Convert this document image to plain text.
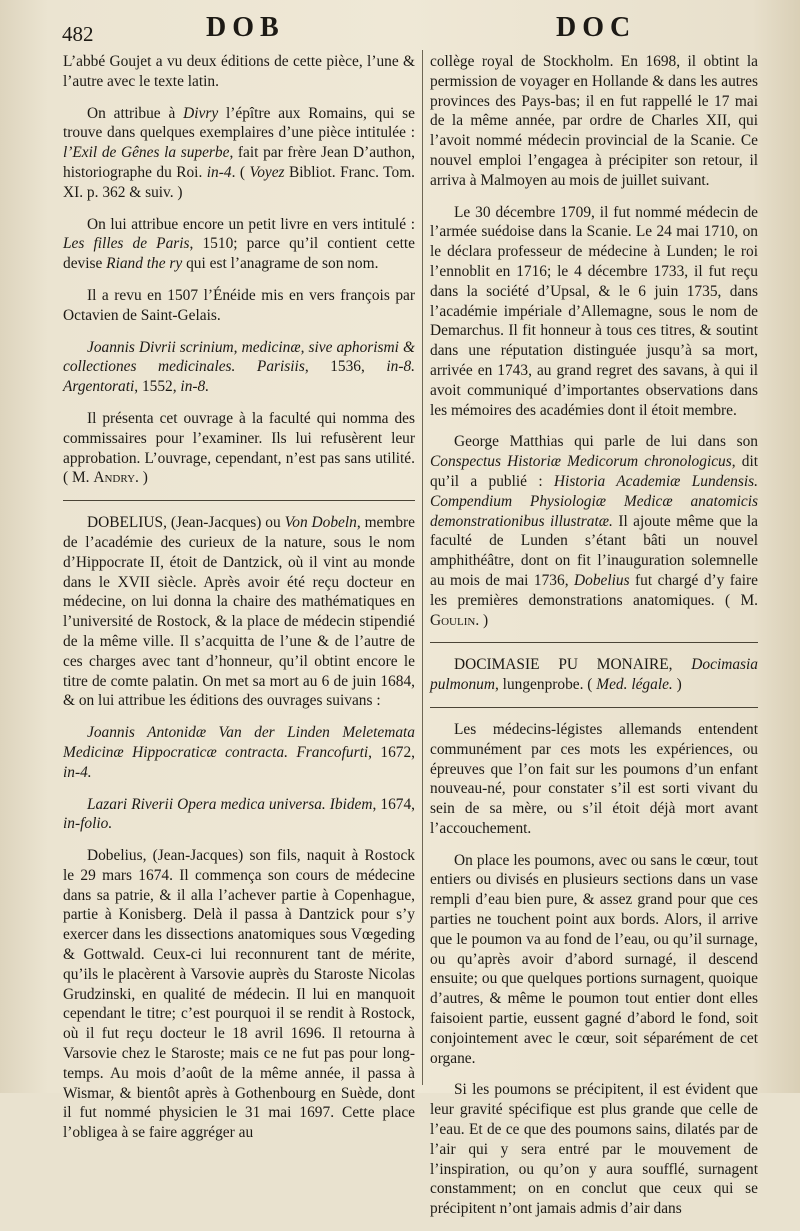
482	DOB	DOC

L’abbé Goujet a vu deux éditions de cette pièce, l’une & l’autre avec le texte latin.

On attribue à Divry l’épître aux Romains, qui se trouve dans quelques exemplaires d’une pièce intitulée : l’Exil de Gênes la superbe, fait par frère Jean D’authon, historiographe du Roi. in-4. ( Voyez Bibliot. Franc. Tom. XI. p. 362 & suiv. )

On lui attribue encore un petit livre en vers intitulé : Les filles de Paris, 1510; parce qu’il contient cette devise Riand the ry qui est l’anagrame de son nom.

Il a revu en 1507 l’Énéide mis en vers françois par Octavien de Saint-Gelais.

Joannis Divrii scrinium, medicinæ, sive aphorismi & collectiones medicinales. Parisiis, 1536, in-8. Argentorati, 1552, in-8.

Il présenta cet ouvrage à la faculté qui nomma des commissaires pour l’examiner. Ils lui refusèrent leur approbation. L’ouvrage, cependant, n’est pas sans utilité. ( M. Andry. )

DOBELIUS, (Jean-Jacques) ou Von Dobeln, membre de l’académie des curieux de la nature, sous le nom d’Hippocrate II, étoit de Dantzick, où il vint au monde dans le XVII siècle. Après avoir été reçu docteur en médecine, on lui donna la chaire des mathématiques en l’université de Rostock, & la place de médecin stipendié de la même ville. Il s’acquitta de l’une & de l’autre de ces charges avec tant d’honneur, qu’il obtint encore le titre de comte palatin. On met sa mort au 6 de juin 1684, & on lui attribue les éditions des ouvrages suivans :

Joannis Antonidæ Van der Linden Meletemata Medicinæ Hippocraticæ contracta. Francofurti, 1672, in-4.

Lazari Riverii Opera medica universa. Ibidem, 1674, in-folio.

Dobelius, (Jean-Jacques) son fils, naquit à Rostock le 29 mars 1674. Il commença son cours de médecine dans sa patrie, & il alla l’achever partie à Copenhague, partie à Konisberg. Delà il passa à Dantzick pour s’y exercer dans les dissections anatomiques sous Vœgeding & Gottwald. Ceux-ci lui reconnurent tant de mérite, qu’ils le placèrent à Varsovie auprès du Staroste Nicolas Grudzinski, en qualité de médecin. Il lui en manquoit cependant le titre; c’est pourquoi il se rendit à Rostock, où il fut reçu docteur le 18 avril 1696. Il retourna à Varsovie chez le Staroste; mais ce ne fut pas pour long-temps. Au mois d’août de la même année, il passa à Wismar, & bientôt après à Gothenbourg en Suède, dont il fut nommé physicien le 31 mai 1697. Cette place l’obligea à se faire aggréger au

collège royal de Stockholm. En 1698, il obtint la permission de voyager en Hollande & dans les autres provinces des Pays-bas; il en fut rappellé le 17 mai de la même année, par ordre de Charles XII, qui l’avoit nommé médecin provincial de la Scanie. Ce nouvel emploi l’engagea à précipiter son retour, il arriva à Malmoyen au mois de juillet suivant.

Le 30 décembre 1709, il fut nommé médecin de l’armée suédoise dans la Scanie. Le 24 mai 1710, on le déclara professeur de médecine à Lunden; le roi l’ennoblit en 1716; le 4 décembre 1733, il fut reçu dans la société d’Upsal, & le 6 juin 1735, dans l’académie impériale d’Allemagne, sous le nom de Demarchus. Il fit honneur à tous ces titres, & soutint dans une réputation distinguée jusqu’à sa mort, arrivée en 1743, au grand regret des savans, à qui il avoit communiqué d’importantes observations dans les mémoires des académies dont il étoit membre.

George Matthias qui parle de lui dans son Conspectus Historiæ Medicorum chronologicus, dit qu’il a publié : Historia Academiæ Lundensis. Compendium Physiologiæ Medicæ anatomicis demonstrationibus illustratæ. Il ajoute même que la faculté de Lunden s’étant bâti un nouvel amphithéâtre, dont on fit l’inauguration solemnelle au mois de mai 1736, Dobelius fut chargé d’y faire les premières demonstrations anatomiques. ( M. Goulin. )

DOCIMASIE PU MONAIRE, Docimasia pulmonum, lungenprobe. ( Med. légale. )

Les médecins-légistes allemands entendent communément par ces mots les expériences, ou épreuves que l’on fait sur les poumons d’un enfant nouveau-né, pour constater s’il est sorti vivant du sein de sa mère, ou s’il étoit déjà mort avant l’accouchement.

On place les poumons, avec ou sans le cœur, tout entiers ou divisés en plusieurs sections dans un vase rempli d’eau bien pure, & assez grand pour que ces parties ne touchent point aux bords. Alors, il arrive que le poumon va au fond de l’eau, ou qu’il surnage, ou qu’après avoir d’abord surnagé, il descend ensuite; ou que quelques portions surnagent, quoique d’autres, & même le poumon tout entier dont elles faisoient partie, eussent gagné d’abord le fond, soit conjointement avec le cœur, soit séparément de cet organe.

Si les poumons se précipitent, il est évident que leur gravité spécifique est plus grande que celle de l’eau. Et de ce que des poumons sains, dilatés par de l’air qui y sera entré par le mouvement de l’inspiration, ou qu’on y aura soufflé, surnagent constamment; on en conclut que ceux qui se précipitent n’ont jamais admis d’air dans
